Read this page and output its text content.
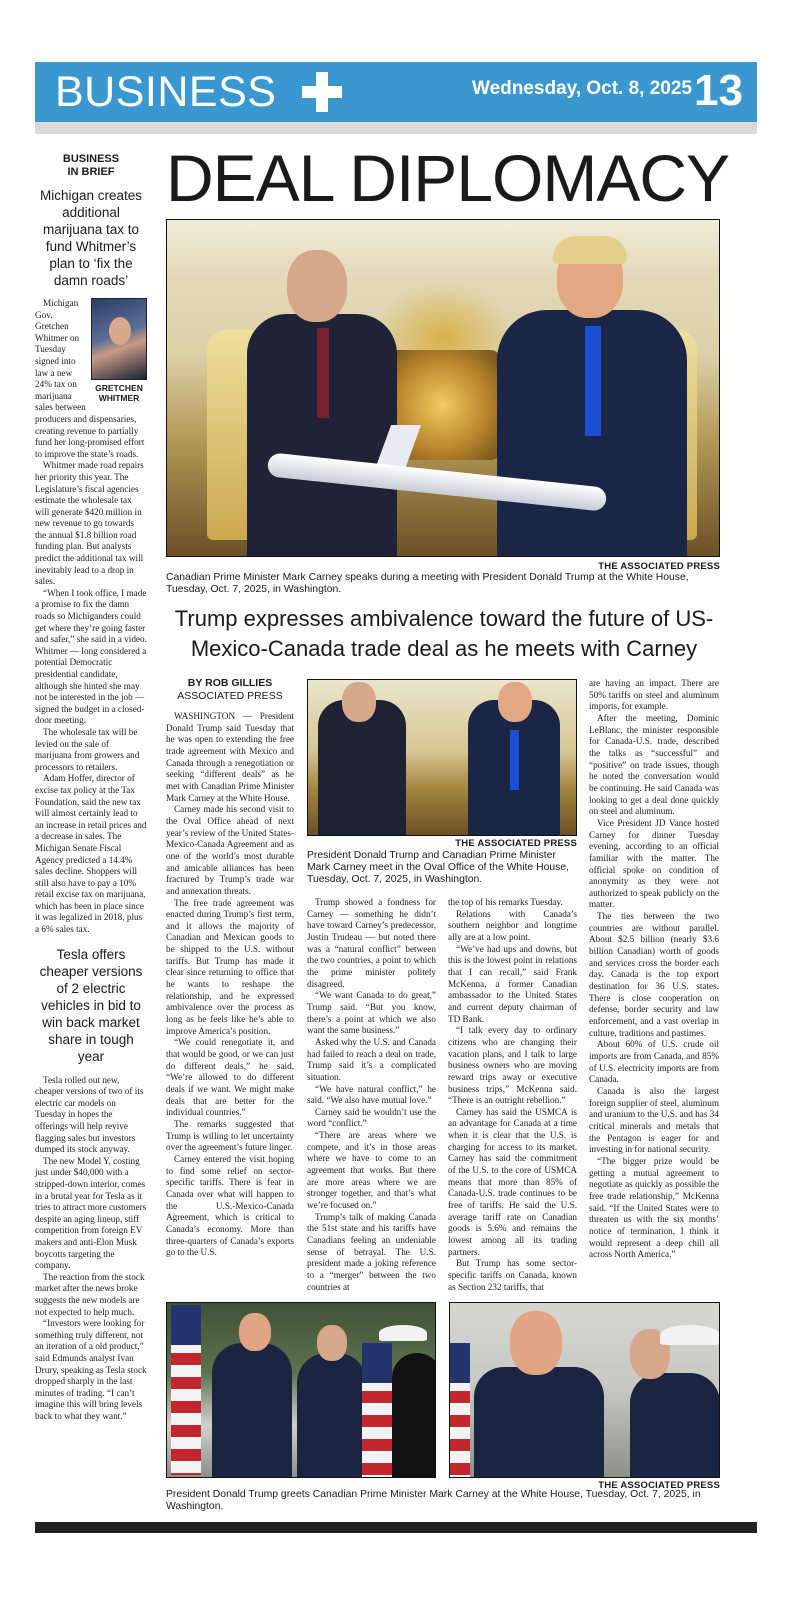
BUSINESS	Wednesday, Oct. 8, 2025 13
BUSINESS
IN BRIEF
Michigan creates additional marijuana tax to fund Whitmer’s plan to ‘fix the damn roads’
GRETCHEN
WHITMER

Michigan Gov. Gretchen Whitmer on Tuesday signed into law a new 24% tax on marijuana sales between producers and dispensaries, creating revenue to partially fund her long-promised effort to improve the state’s roads.

Whitmer made road repairs her priority this year. The Legislature’s fiscal agencies estimate the wholesale tax will generate $420 million in new revenue to go towards the annual $1.8 billion road funding plan. But analysts predict the additional tax will inevitably lead to a drop in sales.

“When I took office, I made a promise to fix the damn roads so Michiganders could get where they’re going faster and safer,” she said in a video. Whitmer — long considered a potential Democratic presidential candidate, although she hinted she may not be interested in the job — signed the budget in a closed-door meeting.

The wholesale tax will be levied on the sale of marijuana from growers and processors to retailers.

Adam Hoffer, director of excise tax policy at the Tax Foundation, said the new tax will almost certainly lead to an increase in retail prices and a decrease in sales. The Michigan Senate Fiscal Agency predicted a 14.4% sales decline. Shoppers will still also have to pay a 10% retail excise tax on marijuana, which has been in place since it was legalized in 2018, plus a 6% sales tax.

Tesla offers cheaper versions of 2 electric vehicles in bid to win back market share in tough year

Tesla rolled out new, cheaper versions of two of its electric car models on Tuesday in hopes the offerings will help revive flagging sales but investors dumped its stock anyway.

The new Model Y, costing just under $40,000 with a stripped-down interior, comes in a brutal year for Tesla as it tries to attract more customers despite an aging lineup, stiff competition from foreign EV makers and anti-Elon Musk boycotts targeting the company.

The reaction from the stock market after the news broke suggests the new models are not expected to help much.

“Investors were looking for something truly different, not an iteration of a old product,” said Edmunds analyst Ivan Drury, speaking as Tesla stock dropped sharply in the last minutes of trading. “I can’t imagine this will bring levels back to what they want.”

DEAL DIPLOMACY
THE ASSOCIATED PRESS
Canadian Prime Minister Mark Carney speaks during a meeting with President Donald Trump at the White House, Tuesday, Oct. 7, 2025, in Washington.
Trump expresses ambivalence toward the future of US-Mexico-Canada trade deal as he meets with Carney
BY ROB GILLIES
ASSOCIATED PRESS

WASHINGTON — President Donald Trump said Tuesday that he was open to extending the free trade agreement with Mexico and Canada through a renegotiation or seeking “different deals” as he met with Canadian Prime Minister Mark Carney at the White House.

Carney made his second visit to the Oval Office ahead of next year’s review of the United States-Mexico-Canada Agreement and as one of the world’s most durable and amicable alliances has been fractured by Trump’s trade war and annexation threats.

The free trade agreement was enacted during Trump’s first term, and it allows the majority of Canadian and Mexican goods to be shipped to the U.S. without tariffs. But Trump has made it clear since returning to office that he wants to reshape the relationship, and he expressed ambivalence over the process as long as he feels like he’s able to improve America’s position.

“We could renegotiate it, and that would be good, or we can just do different deals,” he said. “We’re allowed to do different deals if we want. We might make deals that are better for the individual countries.”

The remarks suggested that Trump is willing to let uncertainty over the agreement’s future linger.

Carney entered the visit hoping to find some relief on sector-specific tariffs. There is fear in Canada over what will happen to the U.S.-Mexico-Canada Agreement, which is critical to Canada’s economy. More than three-quarters of Canada’s exports go to the U.S.

THE ASSOCIATED PRESS
President Donald Trump and Canadian Prime Minister Mark Carney meet in the Oval Office of the White House, Tuesday, Oct. 7, 2025, in Washington.

Trump showed a fondness for Carney — something he didn’t have toward Carney’s predecessor, Justin Trudeau — but noted there was a “natural conflict” between the two countries, a point to which the prime minister politely disagreed.

“We want Canada to do great,” Trump said. “But you know, there’s a point at which we also want the same business.”

Asked why the U.S. and Canada had failed to reach a deal on trade, Trump said it’s a complicated situation.

“We have natural conflict,” he said. “We also have mutual love.”

Carney said he wouldn’t use the word “conflict.”

“There are areas where we compete, and it’s in those areas where we have to come to an agreement that works. But there are more areas where we are stronger together, and that’s what we’re focused on.”

Trump’s talk of making Canada the 51st state and his tariffs have Canadians feeling an undeniable sense of betrayal. The U.S. president made a joking reference to a “merger” between the two countries at

the top of his remarks Tuesday.

Relations with Canada’s southern neighbor and longtime ally are at a low point.

“We’ve had ups and downs, but this is the lowest point in relations that I can recall,” said Frank McKenna, a former Canadian ambassador to the United States and current deputy chairman of TD Bank.

“I talk every day to ordinary citizens who are changing their vacation plans, and I talk to large business owners who are moving reward trips away or executive business trips,” McKenna said. “There is an outright rebellion.”

Carney has said the USMCA is an advantage for Canada at a time when it is clear that the U.S. is charging for access to its market. Carney has said the commitment of the U.S. to the core of USMCA means that more than 85% of Canada-U.S. trade continues to be free of tariffs. He said the U.S. average tariff rate on Canadian goods is 5.6% and remains the lowest among all its trading partners.

But Trump has some sector-specific tariffs on Canada, known as Section 232 tariffs, that

are having an impact. There are 50% tariffs on steel and aluminum imports, for example.

After the meeting, Dominic LeBlanc, the minister responsible for Canada-U.S. trade, described the talks as “successful” and “positive” on trade issues, though he noted the conversation would be continuing. He said Canada was looking to get a deal done quickly on steel and aluminum.

Vice President JD Vance hosted Carney for dinner Tuesday evening, according to an official familiar with the matter. The official spoke on condition of anonymity as they were not authorized to speak publicly on the matter.

The ties between the two countries are without parallel. About $2.5 billion (nearly $3.6 billion Canadian) worth of goods and services cross the border each day. Canada is the top export destination for 36 U.S. states. There is close cooperation on defense, border security and law enforcement, and a vast overlap in culture, traditions and pastimes.

About 60% of U.S. crude oil imports are from Canada, and 85% of U.S. electricity imports are from Canada.

Canada is also the largest foreign supplier of steel, aluminum and uranium to the U.S. and has 34 critical minerals and metals that the Pentagon is eager for and investing in for national security.

“The bigger prize would be getting a mutual agreement to negotiate as quickly as possible the free trade relationship,” McKenna said. “If the United States were to threaten us with the six months’ notice of termination, I think it would represent a deep chill all across North America.”

THE ASSOCIATED PRESS
President Donald Trump greets Canadian Prime Minister Mark Carney at the White House, Tuesday, Oct. 7, 2025, in Washington.
